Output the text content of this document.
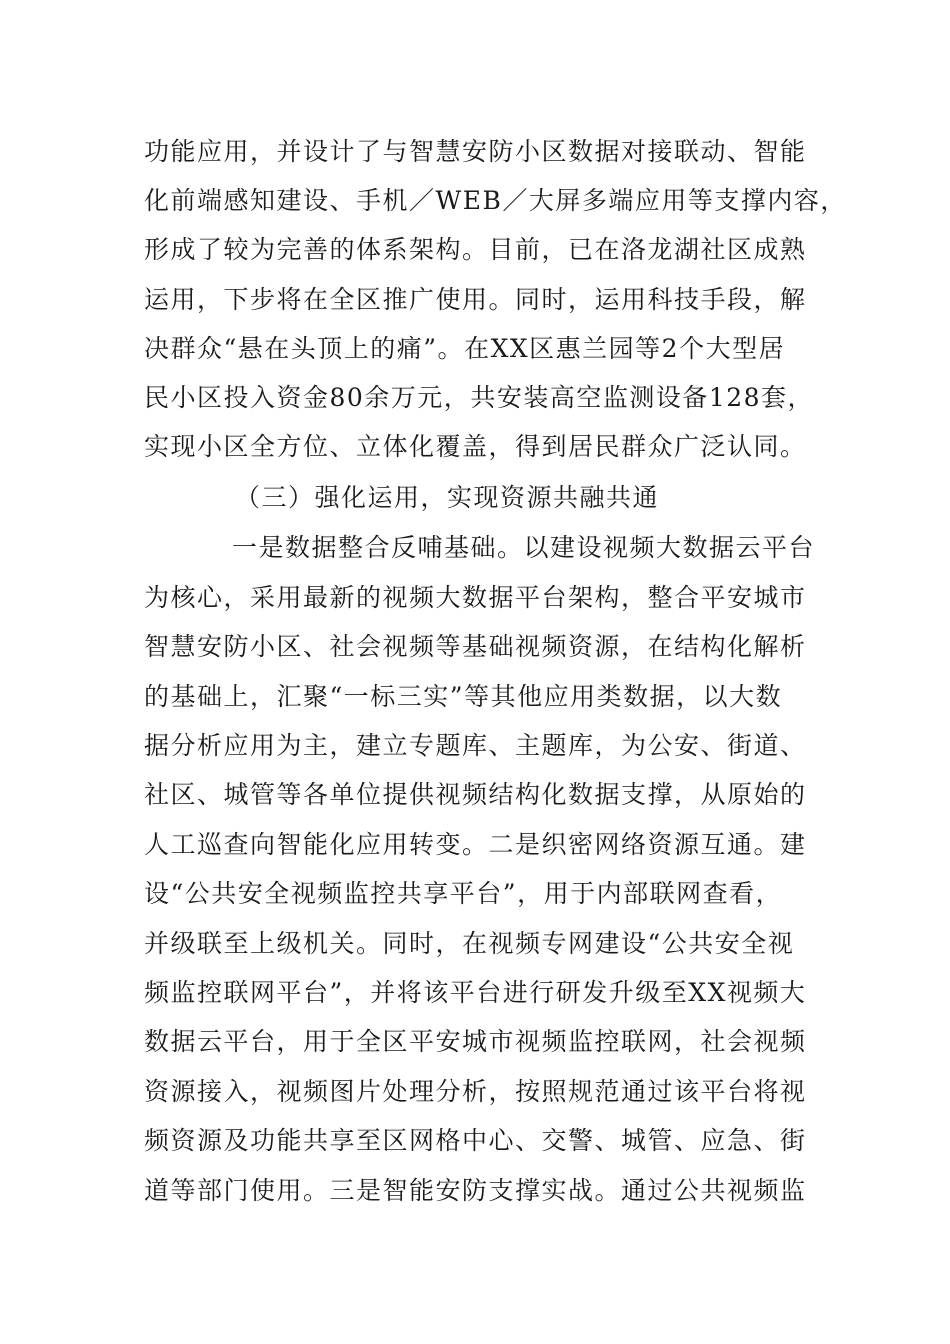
功能应用，并设计了与智慧安防小区数据对接联动、智能
化前端感知建设、手机／WEB／大屏多端应用等支撑内容，
形成了较为完善的体系架构。目前，已在洛龙湖社区成熟
运用，下步将在全区推广使用。同时，运用科技手段，解
决群众“悬在头顶上的痛”。在XX区惠兰园等2个大型居
民小区投入资金80余万元，共安装高空监测设备128套，
实现小区全方位、立体化覆盖，得到居民群众广泛认同。
（三）强化运用，实现资源共融共通
一是数据整合反哺基础。以建设视频大数据云平台
为核心，采用最新的视频大数据平台架构，整合平安城市
智慧安防小区、社会视频等基础视频资源，在结构化解析
的基础上，汇聚“一标三实”等其他应用类数据，以大数
据分析应用为主，建立专题库、主题库，为公安、街道、
社区、城管等各单位提供视频结构化数据支撑，从原始的
人工巡查向智能化应用转变。二是织密网络资源互通。建
设“公共安全视频监控共享平台”，用于内部联网查看，
并级联至上级机关。同时，在视频专网建设“公共安全视
频监控联网平台”，并将该平台进行研发升级至XX视频大
数据云平台，用于全区平安城市视频监控联网，社会视频
资源接入，视频图片处理分析，按照规范通过该平台将视
频资源及功能共享至区网格中心、交警、城管、应急、街
道等部门使用。三是智能安防支撑实战。通过公共视频监
